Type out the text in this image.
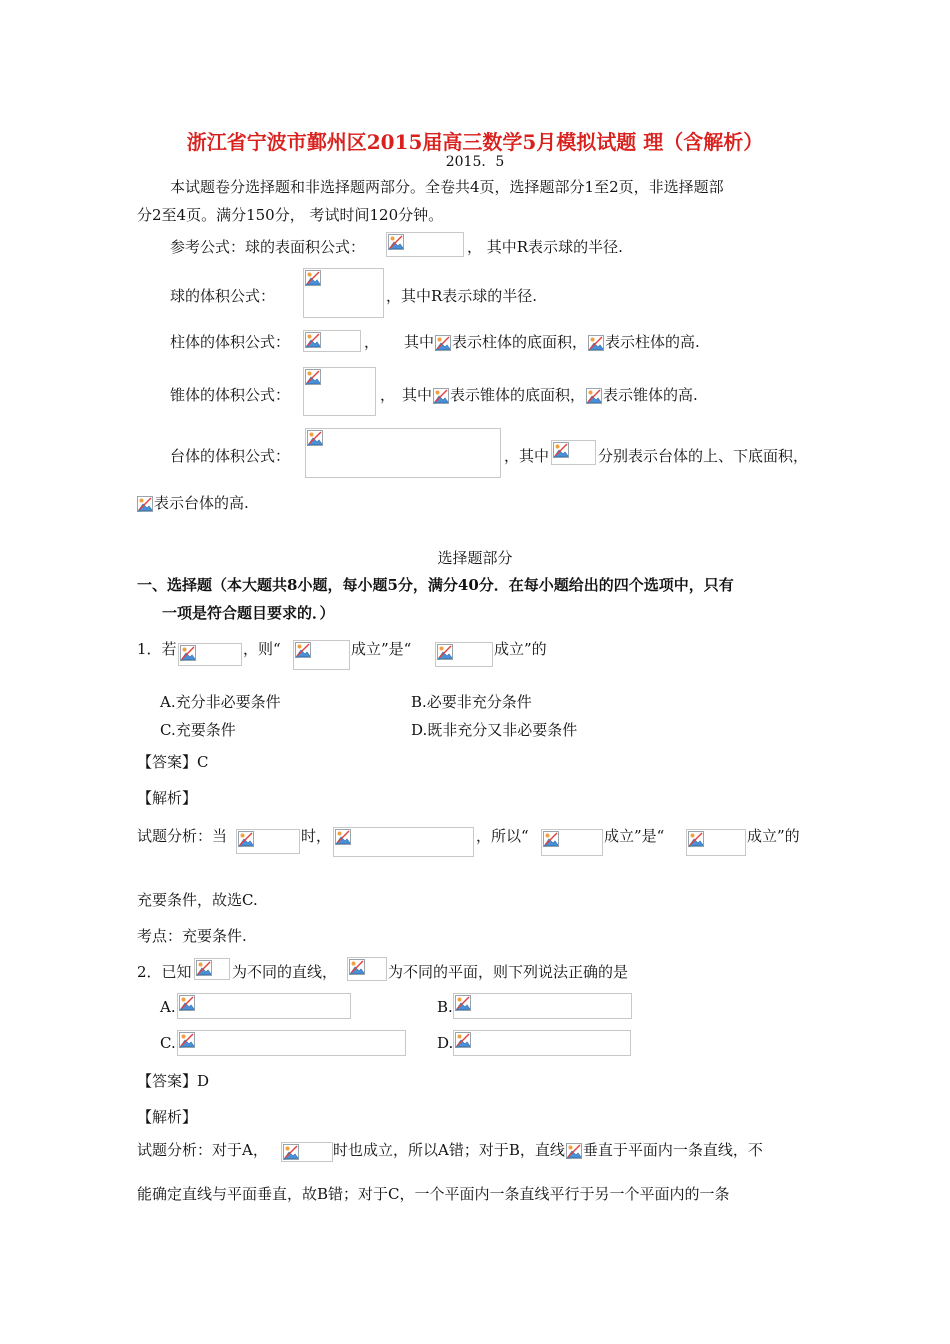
浙江省宁波市鄞州区2015届高三数学5月模拟试题 理（含解析）
2015．5
本试题卷分选择题和非选择题两部分。全卷共4页，选择题部分1至2页，非选择题部
分2至4页。满分150分， 考试时间120分钟。
参考公式：球的表面积公式：	， 其中R表示球的半径.
球的体积公式：	，其中R表示球的半径.
柱体的体积公式：	， 其中 表示柱体的底面积， 表示柱体的高.
锥体的体积公式：	， 其中 表示锥体的底面积， 表示锥体的高.
台体的体积公式：	，其中	分别表示台体的上、下底面积，
表示台体的高.
选择题部分
一、选择题（本大题共8小题，每小题5分，满分40分．在每小题给出的四个选项中，只有
一项是符合题目要求的．）
1．若	，则“	成立”是“	成立”的
A.充分非必要条件	B.必要非充分条件
C.充要条件	D.既非充分又非必要条件
【答案】C
【解析】
试题分析：当	时，	，所以“	成立”是“	成立”的
充要条件，故选C.
考点：充要条件.
2．已知	为不同的直线，	为不同的平面，则下列说法正确的是
A.	B.
C.	D.
【答案】D
【解析】
试题分析：对于A，	时也成立，所以A错；对于B，直线 垂直于平面内一条直线，不
能确定直线与平面垂直，故B错；对于C，一个平面内一条直线平行于另一个平面内的一条
